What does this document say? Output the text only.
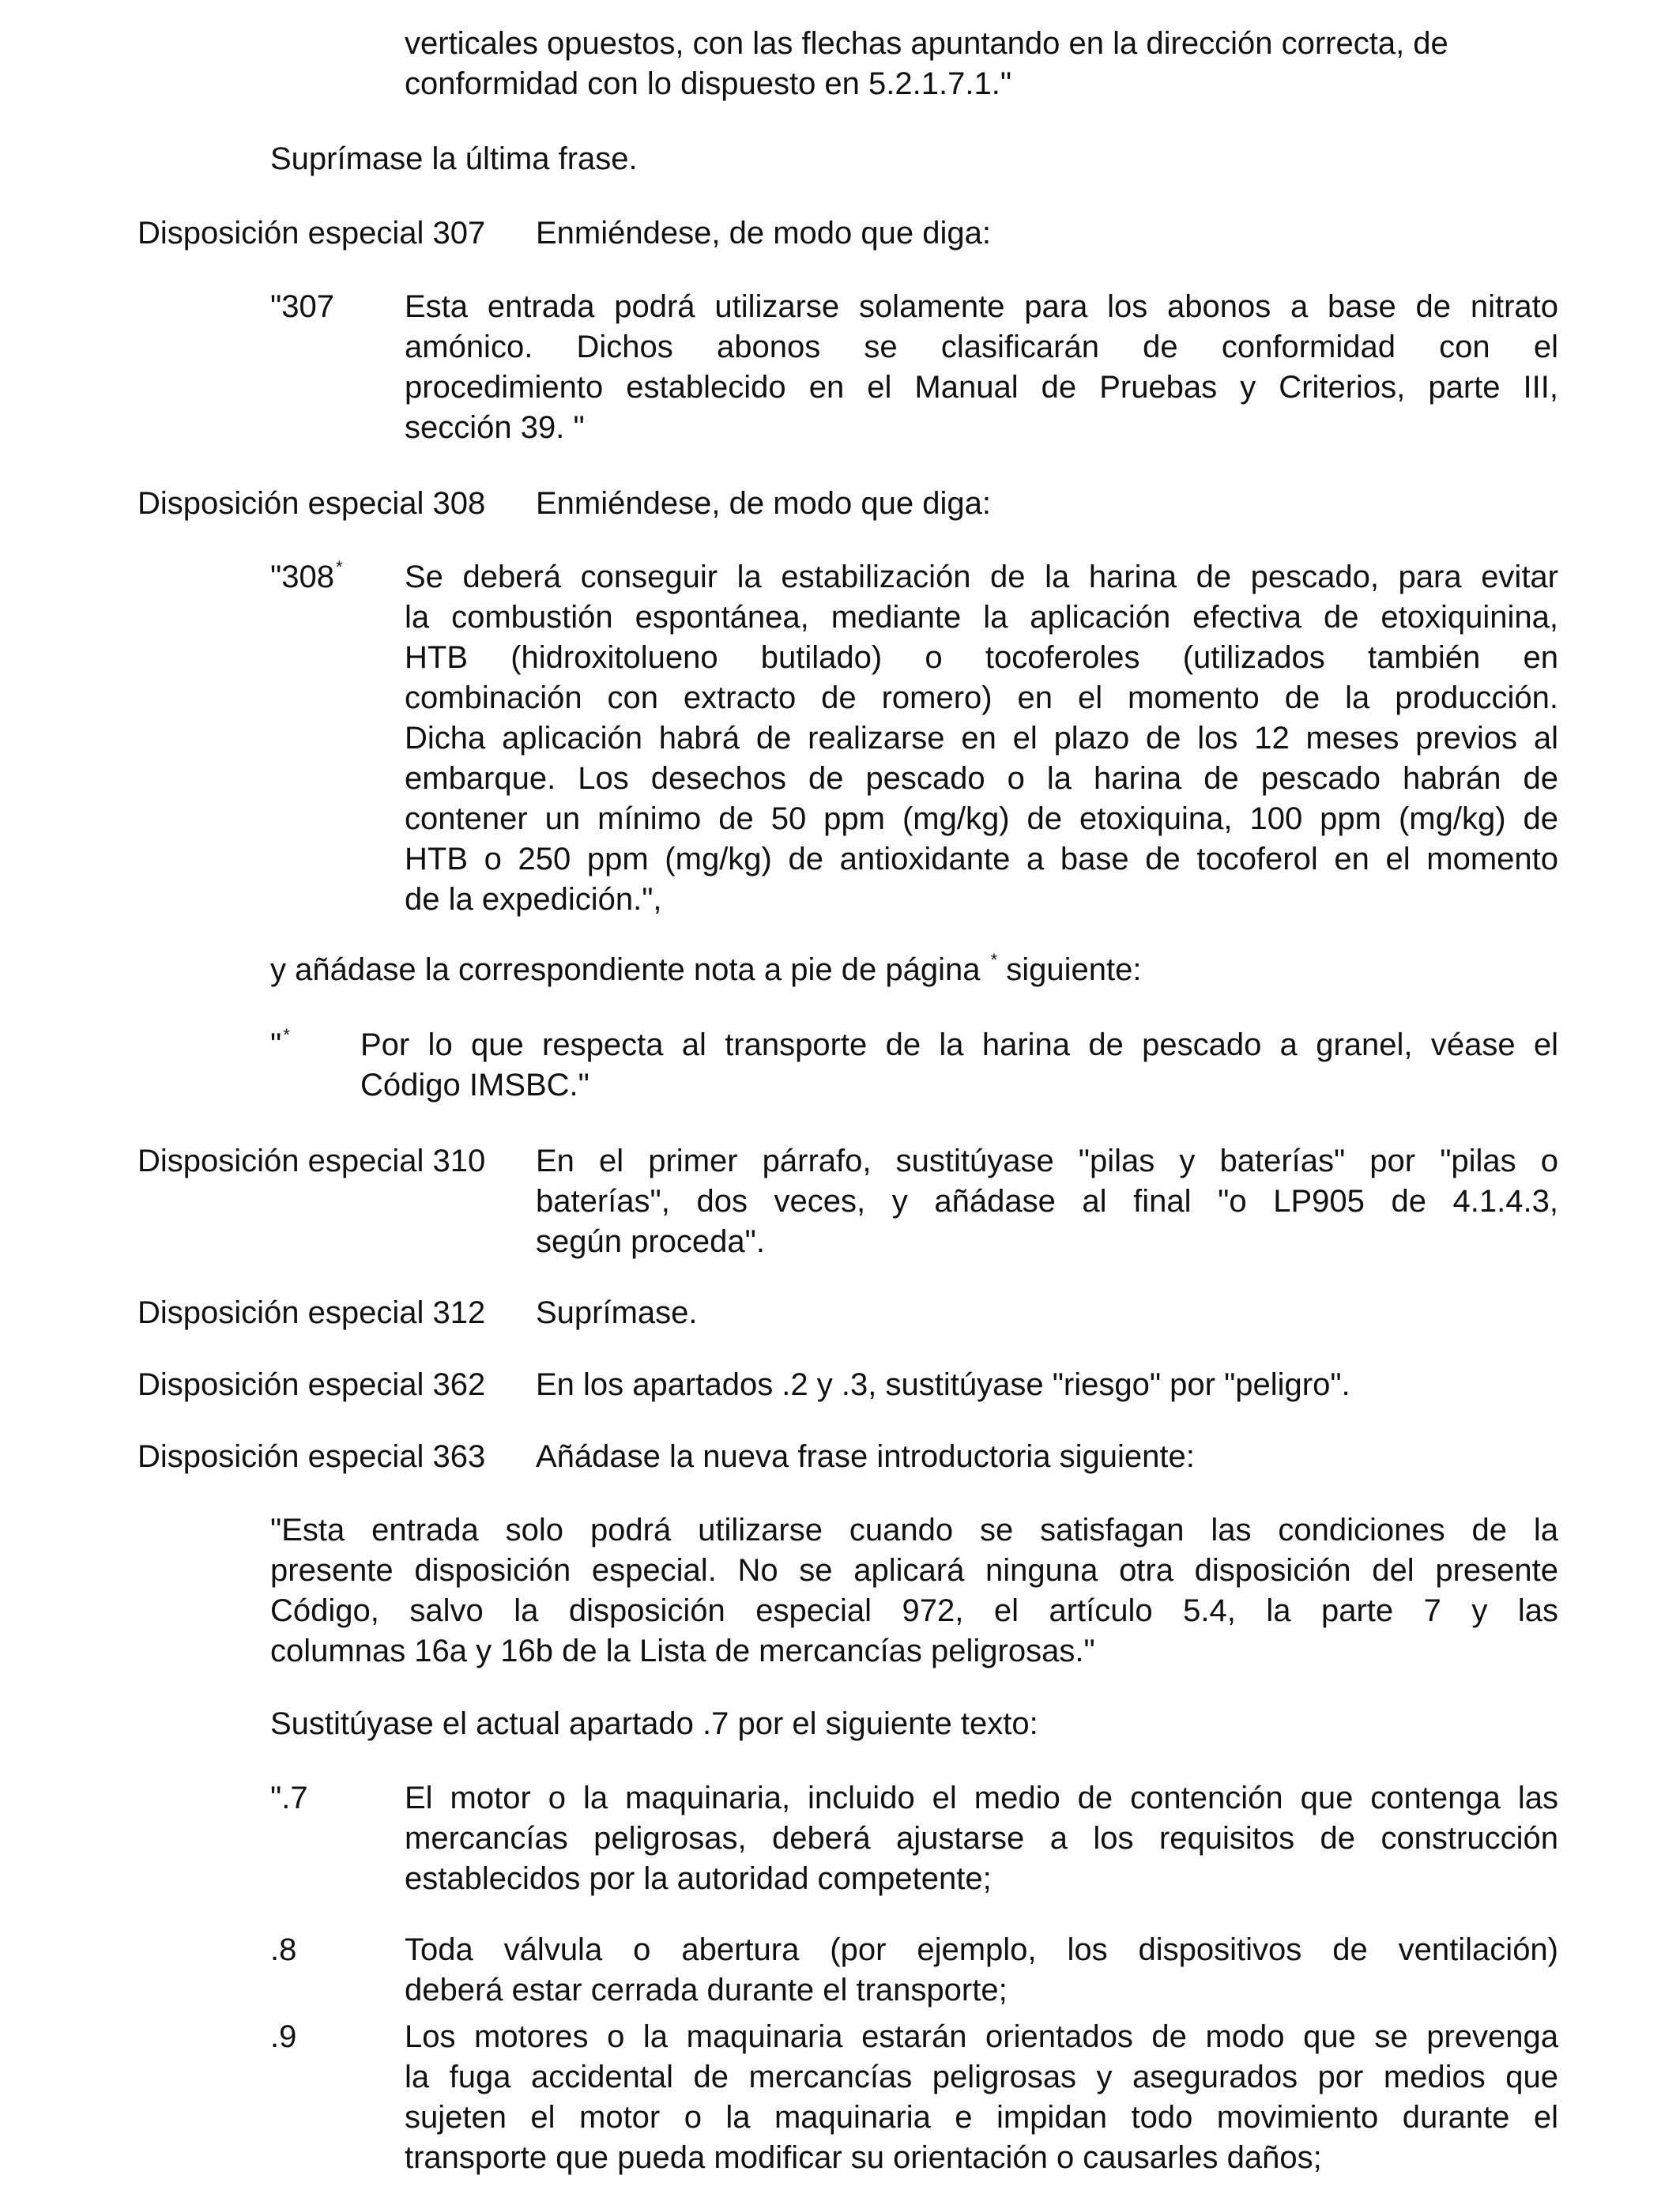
verticales opuestos, con las flechas apuntando en la dirección correcta, de
conformidad con lo dispuesto en 5.2.1.7.1."
Suprímase la última frase.
Disposición especial 307 Enmiéndese, de modo que diga:
"307 Esta entrada podrá utilizarse solamente para los abonos a base de nitrato
amónico. Dichos abonos se clasificarán de conformidad con el
procedimiento establecido en el Manual de Pruebas y Criterios, parte III,
sección 39. "
Disposición especial 308 Enmiéndese, de modo que diga:
"308* Se deberá conseguir la estabilización de la harina de pescado, para evitar
la combustión espontánea, mediante la aplicación efectiva de etoxiquinina,
HTB (hidroxitolueno butilado) o tocoferoles (utilizados también en
combinación con extracto de romero) en el momento de la producción.
Dicha aplicación habrá de realizarse en el plazo de los 12 meses previos al
embarque. Los desechos de pescado o la harina de pescado habrán de
contener un mínimo de 50 ppm (mg/kg) de etoxiquina, 100 ppm (mg/kg) de
HTB o 250 ppm (mg/kg) de antioxidante a base de tocoferol en el momento
de la expedición.",
y añádase la correspondiente nota a pie de página * siguiente:
"* Por lo que respecta al transporte de la harina de pescado a granel, véase el
Código IMSBC."
Disposición especial 310 En el primer párrafo, sustitúyase "pilas y baterías" por "pilas o
baterías", dos veces, y añádase al final "o LP905 de 4.1.4.3,
según proceda".
Disposición especial 312 Suprímase.
Disposición especial 362 En los apartados .2 y .3, sustitúyase "riesgo" por "peligro".
Disposición especial 363 Añádase la nueva frase introductoria siguiente:
"Esta entrada solo podrá utilizarse cuando se satisfagan las condiciones de la
presente disposición especial. No se aplicará ninguna otra disposición del presente
Código, salvo la disposición especial 972, el artículo 5.4, la parte 7 y las
columnas 16a y 16b de la Lista de mercancías peligrosas."
Sustitúyase el actual apartado .7 por el siguiente texto:
".7	El motor o la maquinaria, incluido el medio de contención que contenga las
mercancías peligrosas, deberá ajustarse a los requisitos de construcción
establecidos por la autoridad competente;
.8	Toda válvula o abertura (por ejemplo, los dispositivos de ventilación)
deberá estar cerrada durante el transporte;
.9	Los motores o la maquinaria estarán orientados de modo que se prevenga
la fuga accidental de mercancías peligrosas y asegurados por medios que
sujeten el motor o la maquinaria e impidan todo movimiento durante el
transporte que pueda modificar su orientación o causarles daños;
